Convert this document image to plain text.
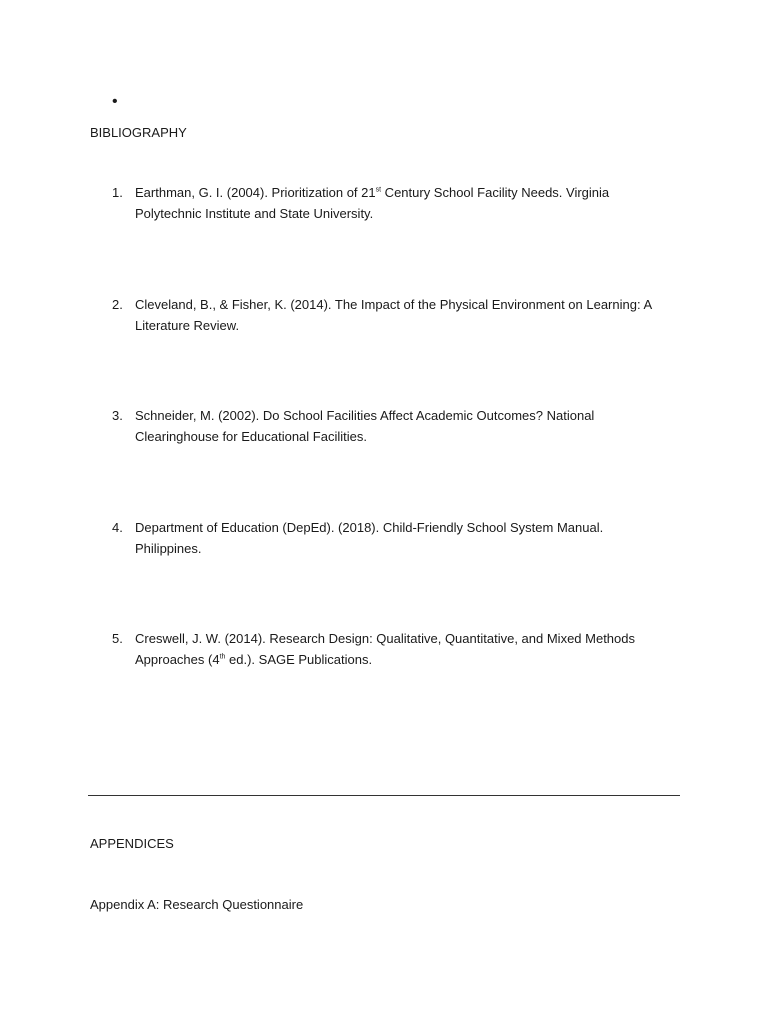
•
BIBLIOGRAPHY
1. Earthman, G. I. (2004). Prioritization of 21st Century School Facility Needs. Virginia Polytechnic Institute and State University.
2. Cleveland, B., & Fisher, K. (2014). The Impact of the Physical Environment on Learning: A Literature Review.
3. Schneider, M. (2002). Do School Facilities Affect Academic Outcomes? National Clearinghouse for Educational Facilities.
4. Department of Education (DepEd). (2018). Child-Friendly School System Manual. Philippines.
5. Creswell, J. W. (2014). Research Design: Qualitative, Quantitative, and Mixed Methods Approaches (4th ed.). SAGE Publications.
APPENDICES
Appendix A: Research Questionnaire
